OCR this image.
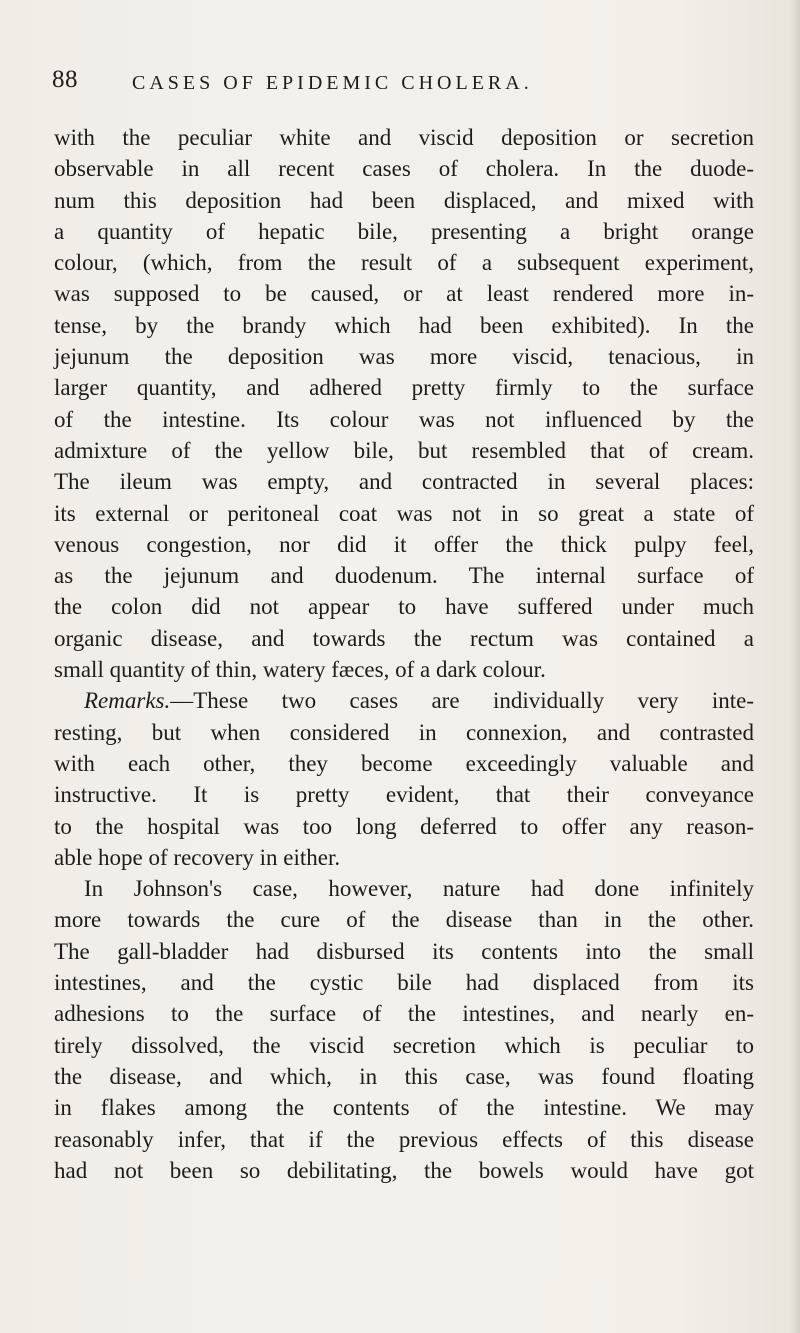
88	CASES OF EPIDEMIC CHOLERA.
with the peculiar white and viscid deposition or secretion
observable in all recent cases of cholera. In the duode-
num this deposition had been displaced, and mixed with
a quantity of hepatic bile, presenting a bright orange
colour, (which, from the result of a subsequent experiment,
was supposed to be caused, or at least rendered more in-
tense, by the brandy which had been exhibited). In the
jejunum the deposition was more viscid, tenacious, in
larger quantity, and adhered pretty firmly to the surface
of the intestine. Its colour was not influenced by the
admixture of the yellow bile, but resembled that of cream.
The ileum was empty, and contracted in several places:
its external or peritoneal coat was not in so great a state of
venous congestion, nor did it offer the thick pulpy feel,
as the jejunum and duodenum. The internal surface of
the colon did not appear to have suffered under much
organic disease, and towards the rectum was contained a
small quantity of thin, watery fæces, of a dark colour.
Remarks.—These two cases are individually very inte-
resting, but when considered in connexion, and contrasted
with each other, they become exceedingly valuable and
instructive. It is pretty evident, that their conveyance
to the hospital was too long deferred to offer any reason-
able hope of recovery in either.
In Johnson's case, however, nature had done infinitely
more towards the cure of the disease than in the other.
The gall-bladder had disbursed its contents into the small
intestines, and the cystic bile had displaced from its
adhesions to the surface of the intestines, and nearly en-
tirely dissolved, the viscid secretion which is peculiar to
the disease, and which, in this case, was found floating
in flakes among the contents of the intestine. We may
reasonably infer, that if the previous effects of this disease
had not been so debilitating, the bowels would have got
